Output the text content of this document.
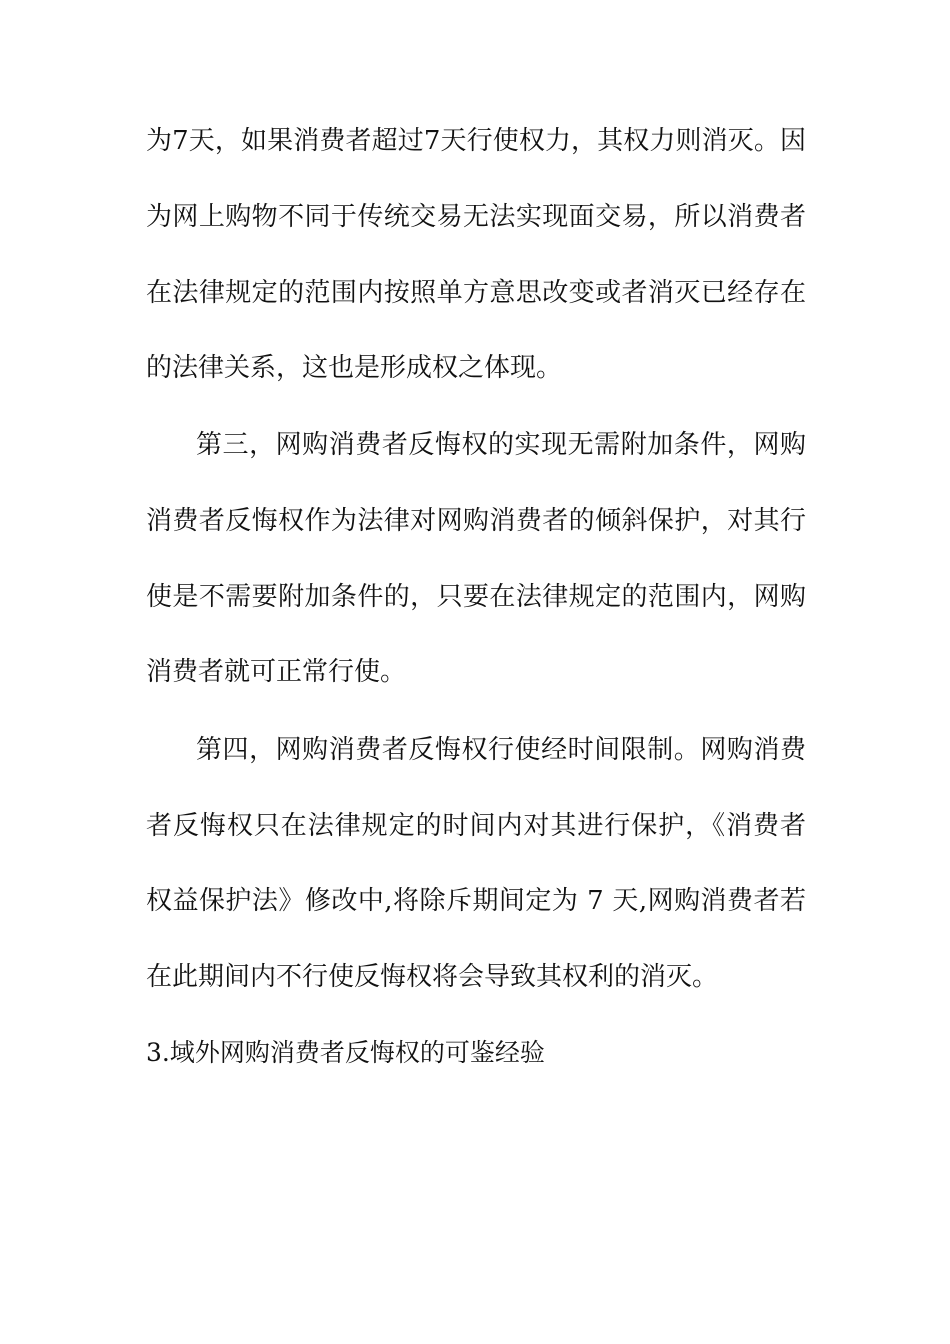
为7天，如果消费者超过7天行使权力，其权力则消灭。因
为网上购物不同于传统交易无法实现面交易，所以消费者
在法律规定的范围内按照单方意思改变或者消灭已经存在
的法律关系，这也是形成权之体现。
第三，网购消费者反悔权的实现无需附加条件，网购
消费者反悔权作为法律对网购消费者的倾斜保护，对其行
使是不需要附加条件的，只要在法律规定的范围内，网购
消费者就可正常行使。
第四，网购消费者反悔权行使经时间限制。网购消费
者反悔权只在法律规定的时间内对其进行保护，《消费者
权益保护法》修改中,将除斥期间定为 7 天,网购消费者若
在此期间内不行使反悔权将会导致其权利的消灭。
3.域外网购消费者反悔权的可鉴经验
